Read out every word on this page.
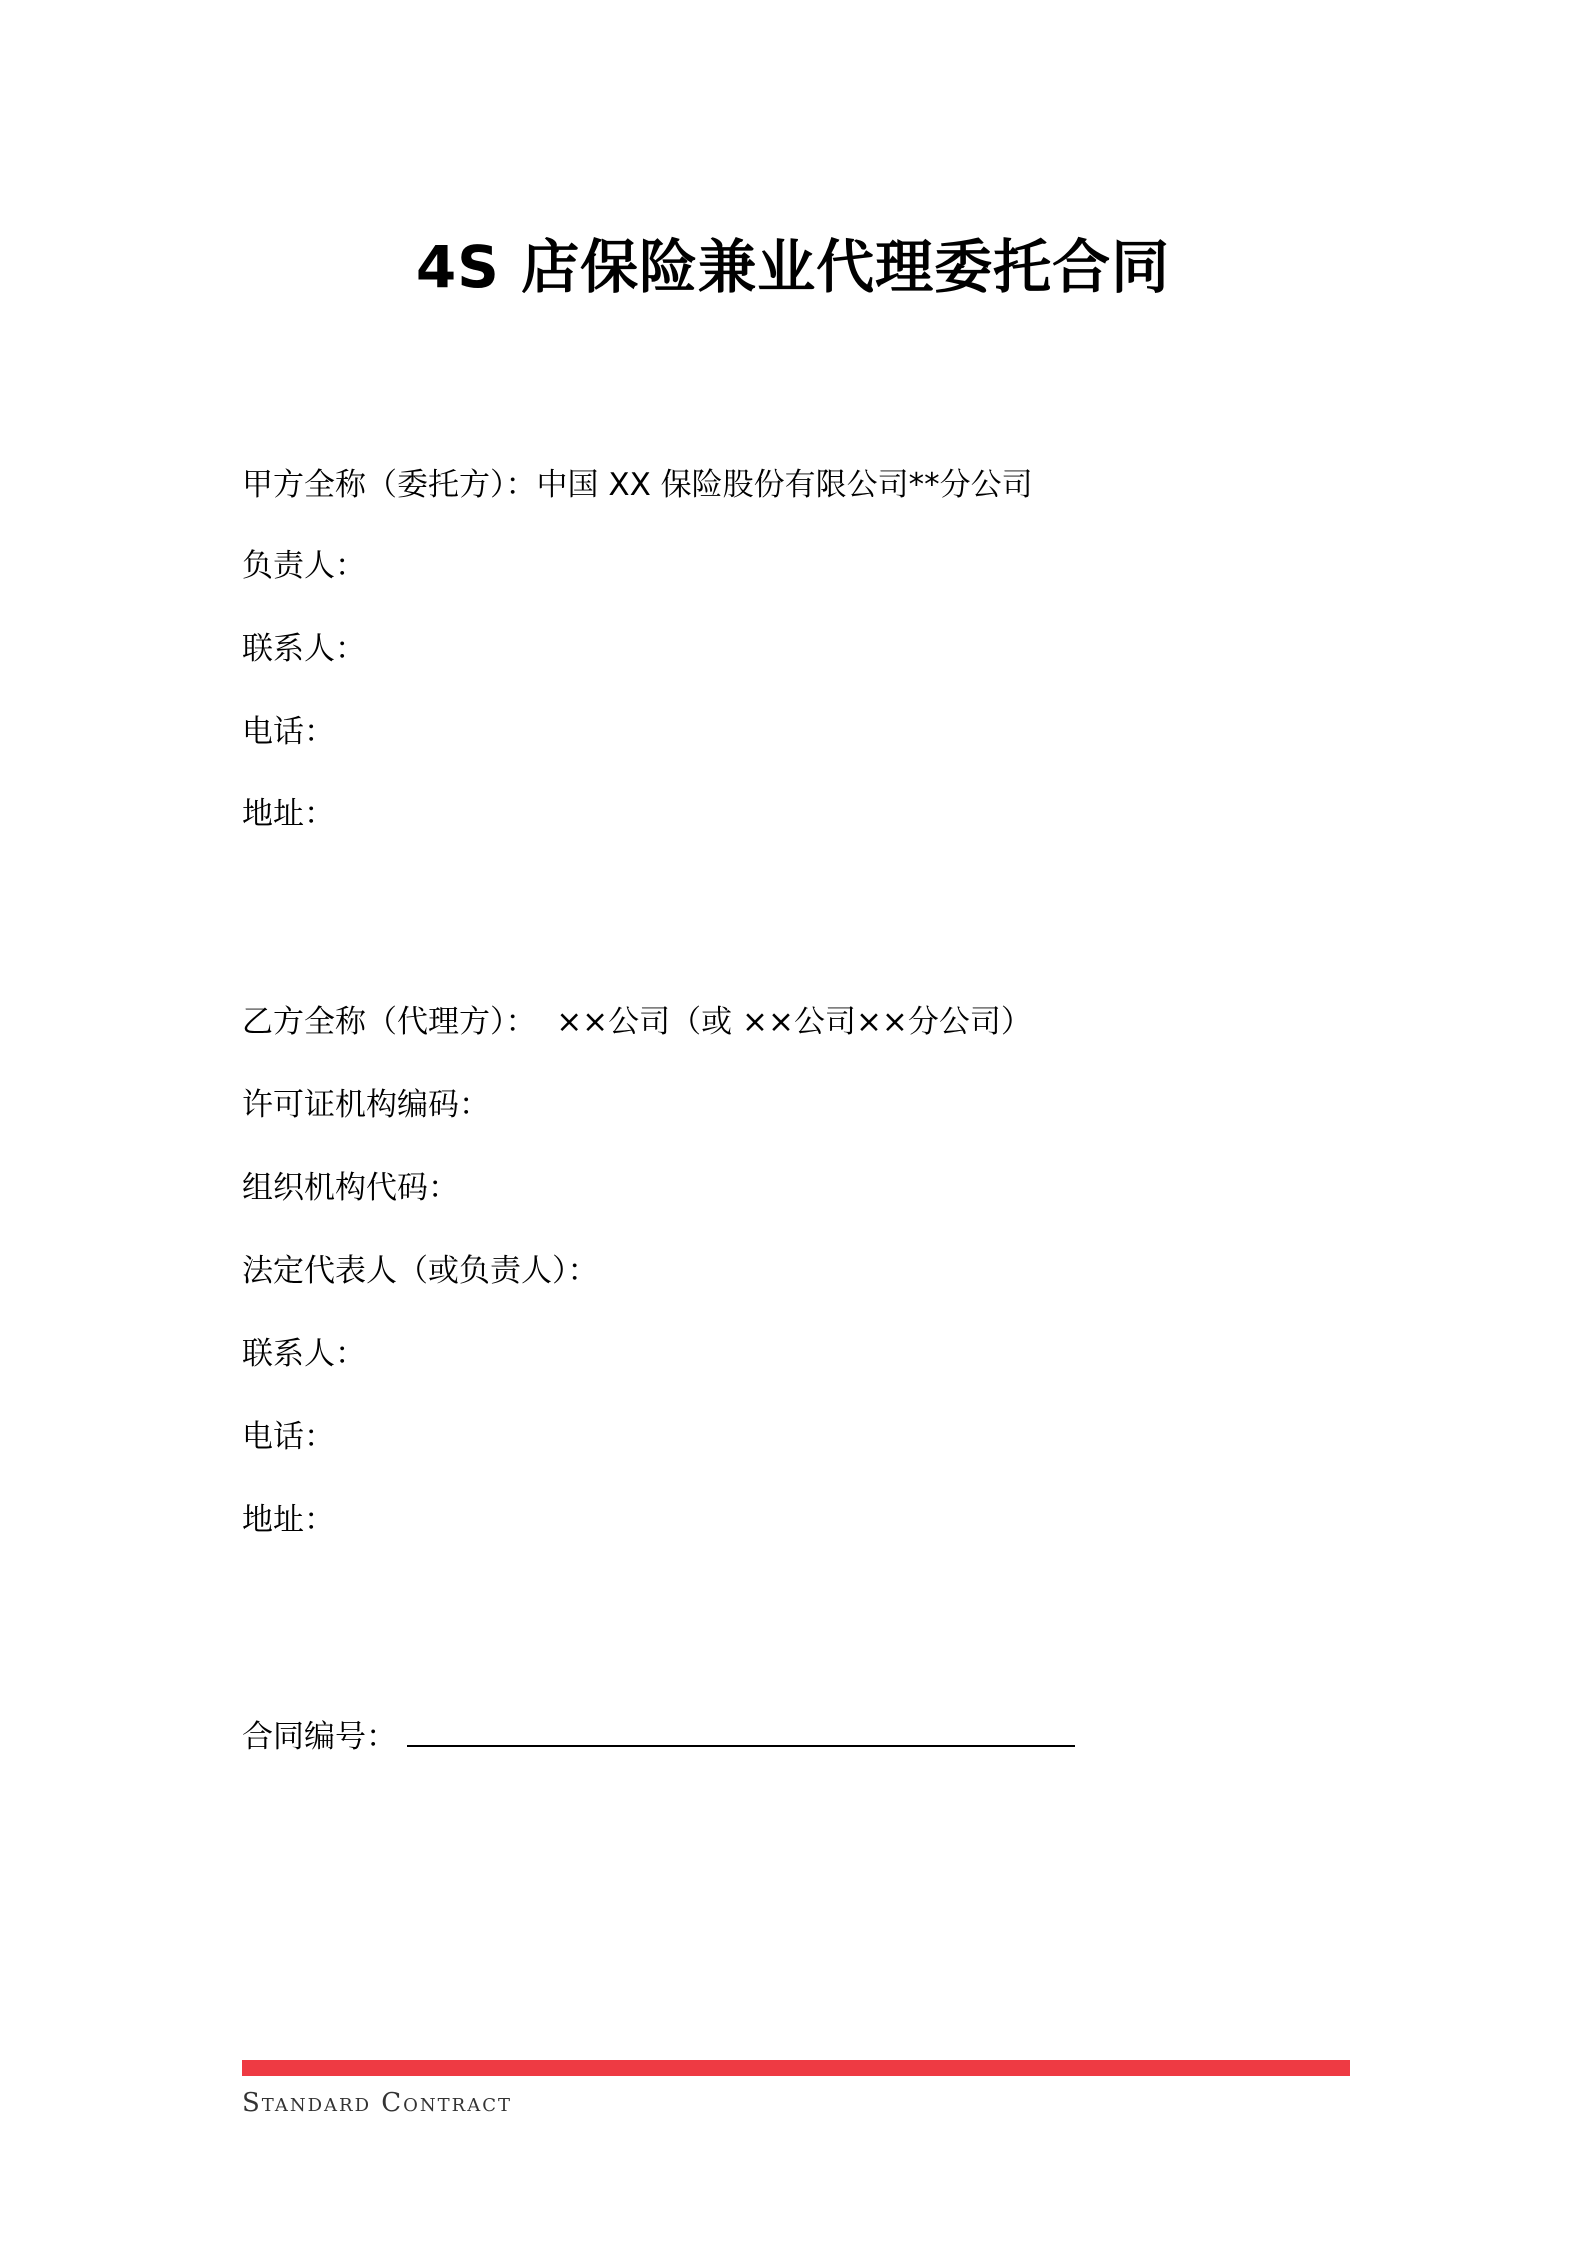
4S 店保险兼业代理委托合同
甲方全称（委托方）：中国 XX 保险股份有限公司**分公司
负责人：
联系人：
电话：
地址：
乙方全称（代理方）：  ××公司（或 ××公司××分公司）
许可证机构编码：
组织机构代码：
法定代表人（或负责人）：
联系人：
电话：
地址：
合同编号：
Standard Contract
